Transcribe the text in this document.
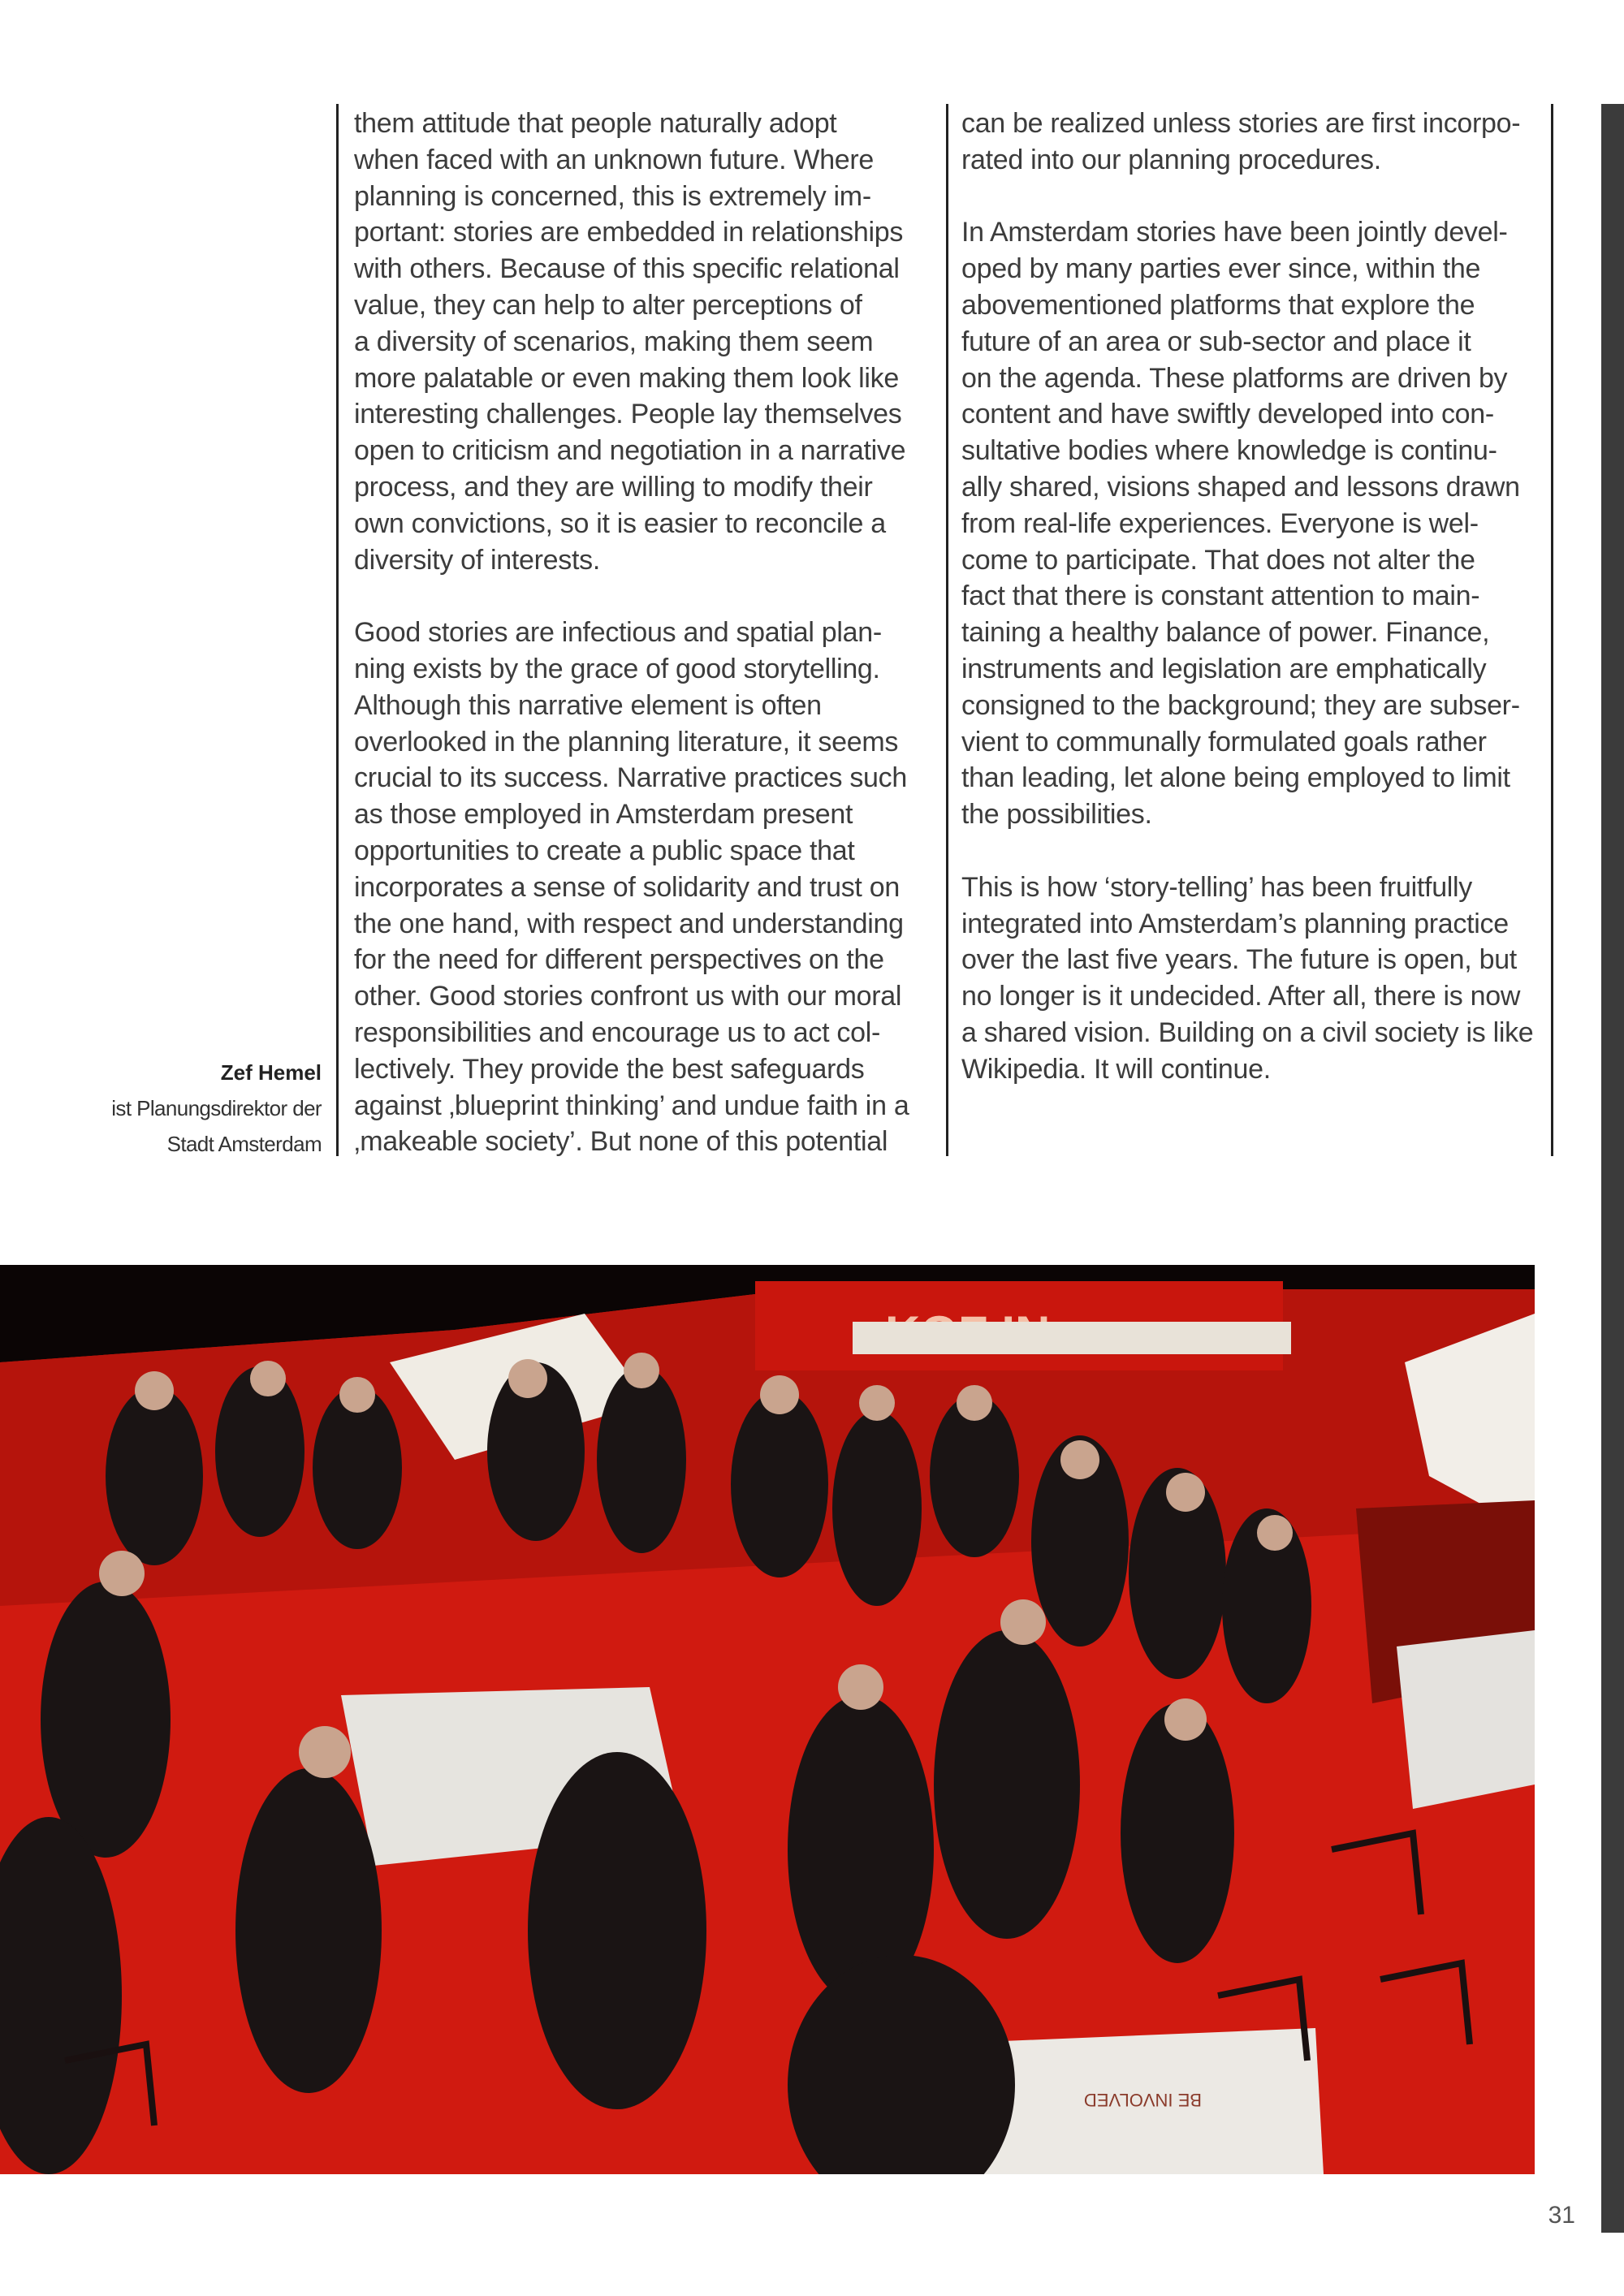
Zef Hemel
ist Planungsdirektor der
Stadt Amsterdam

them attitude that people naturally adopt
when faced with an unknown future. Where
planning is concerned, this is extremely im-
portant: stories are embedded in relationships
with others. Because of this specific relational
value, they can help to alter perceptions of
a diversity of scenarios, making them seem
more palatable or even making them look like
interesting challenges. People lay themselves
open to criticism and negotiation in a narrative
process, and they are willing to modify their
own convictions, so it is easier to reconcile a
diversity of interests.

Good stories are infectious and spatial plan-
ning exists by the grace of good storytelling.
Although this narrative element is often
overlooked in the planning literature, it seems
crucial to its success. Narrative practices such
as those employed in Amsterdam present
opportunities to create a public space that
incorporates a sense of solidarity and trust on
the one hand, with respect and understanding
for the need for different perspectives on the
other. Good stories confront us with our moral
responsibilities and encourage us to act col-
lectively. They provide the best safeguards
against ‚blueprint thinking’ and undue faith in a
‚makeable society’. But none of this potential

can be realized unless stories are first incorpo-
rated into our planning procedures.

In Amsterdam stories have been jointly devel-
oped by many parties ever since, within the
abovementioned platforms that explore the
future of an area or sub-sector and place it
on the agenda. These platforms are driven by
content and have swiftly developed into con-
sultative bodies where knowledge is continu-
ally shared, visions shaped and lessons drawn
from real-life experiences. Everyone is wel-
come to participate. That does not alter the
fact that there is constant attention to main-
taining a healthy balance of power. Finance,
instruments and legislation are emphatically
consigned to the background; they are subser-
vient to communally formulated goals rather
than leading, let alone being employed to limit
the possibilities.

This is how ‘story-telling’ has been fruitfully
integrated into Amsterdam’s planning practice
over the last five years. The future is open, but
no longer is it undecided. After all, there is now
a shared vision. Building on a civil society is like
Wikipedia. It will continue.

BE INVOLVED
31
